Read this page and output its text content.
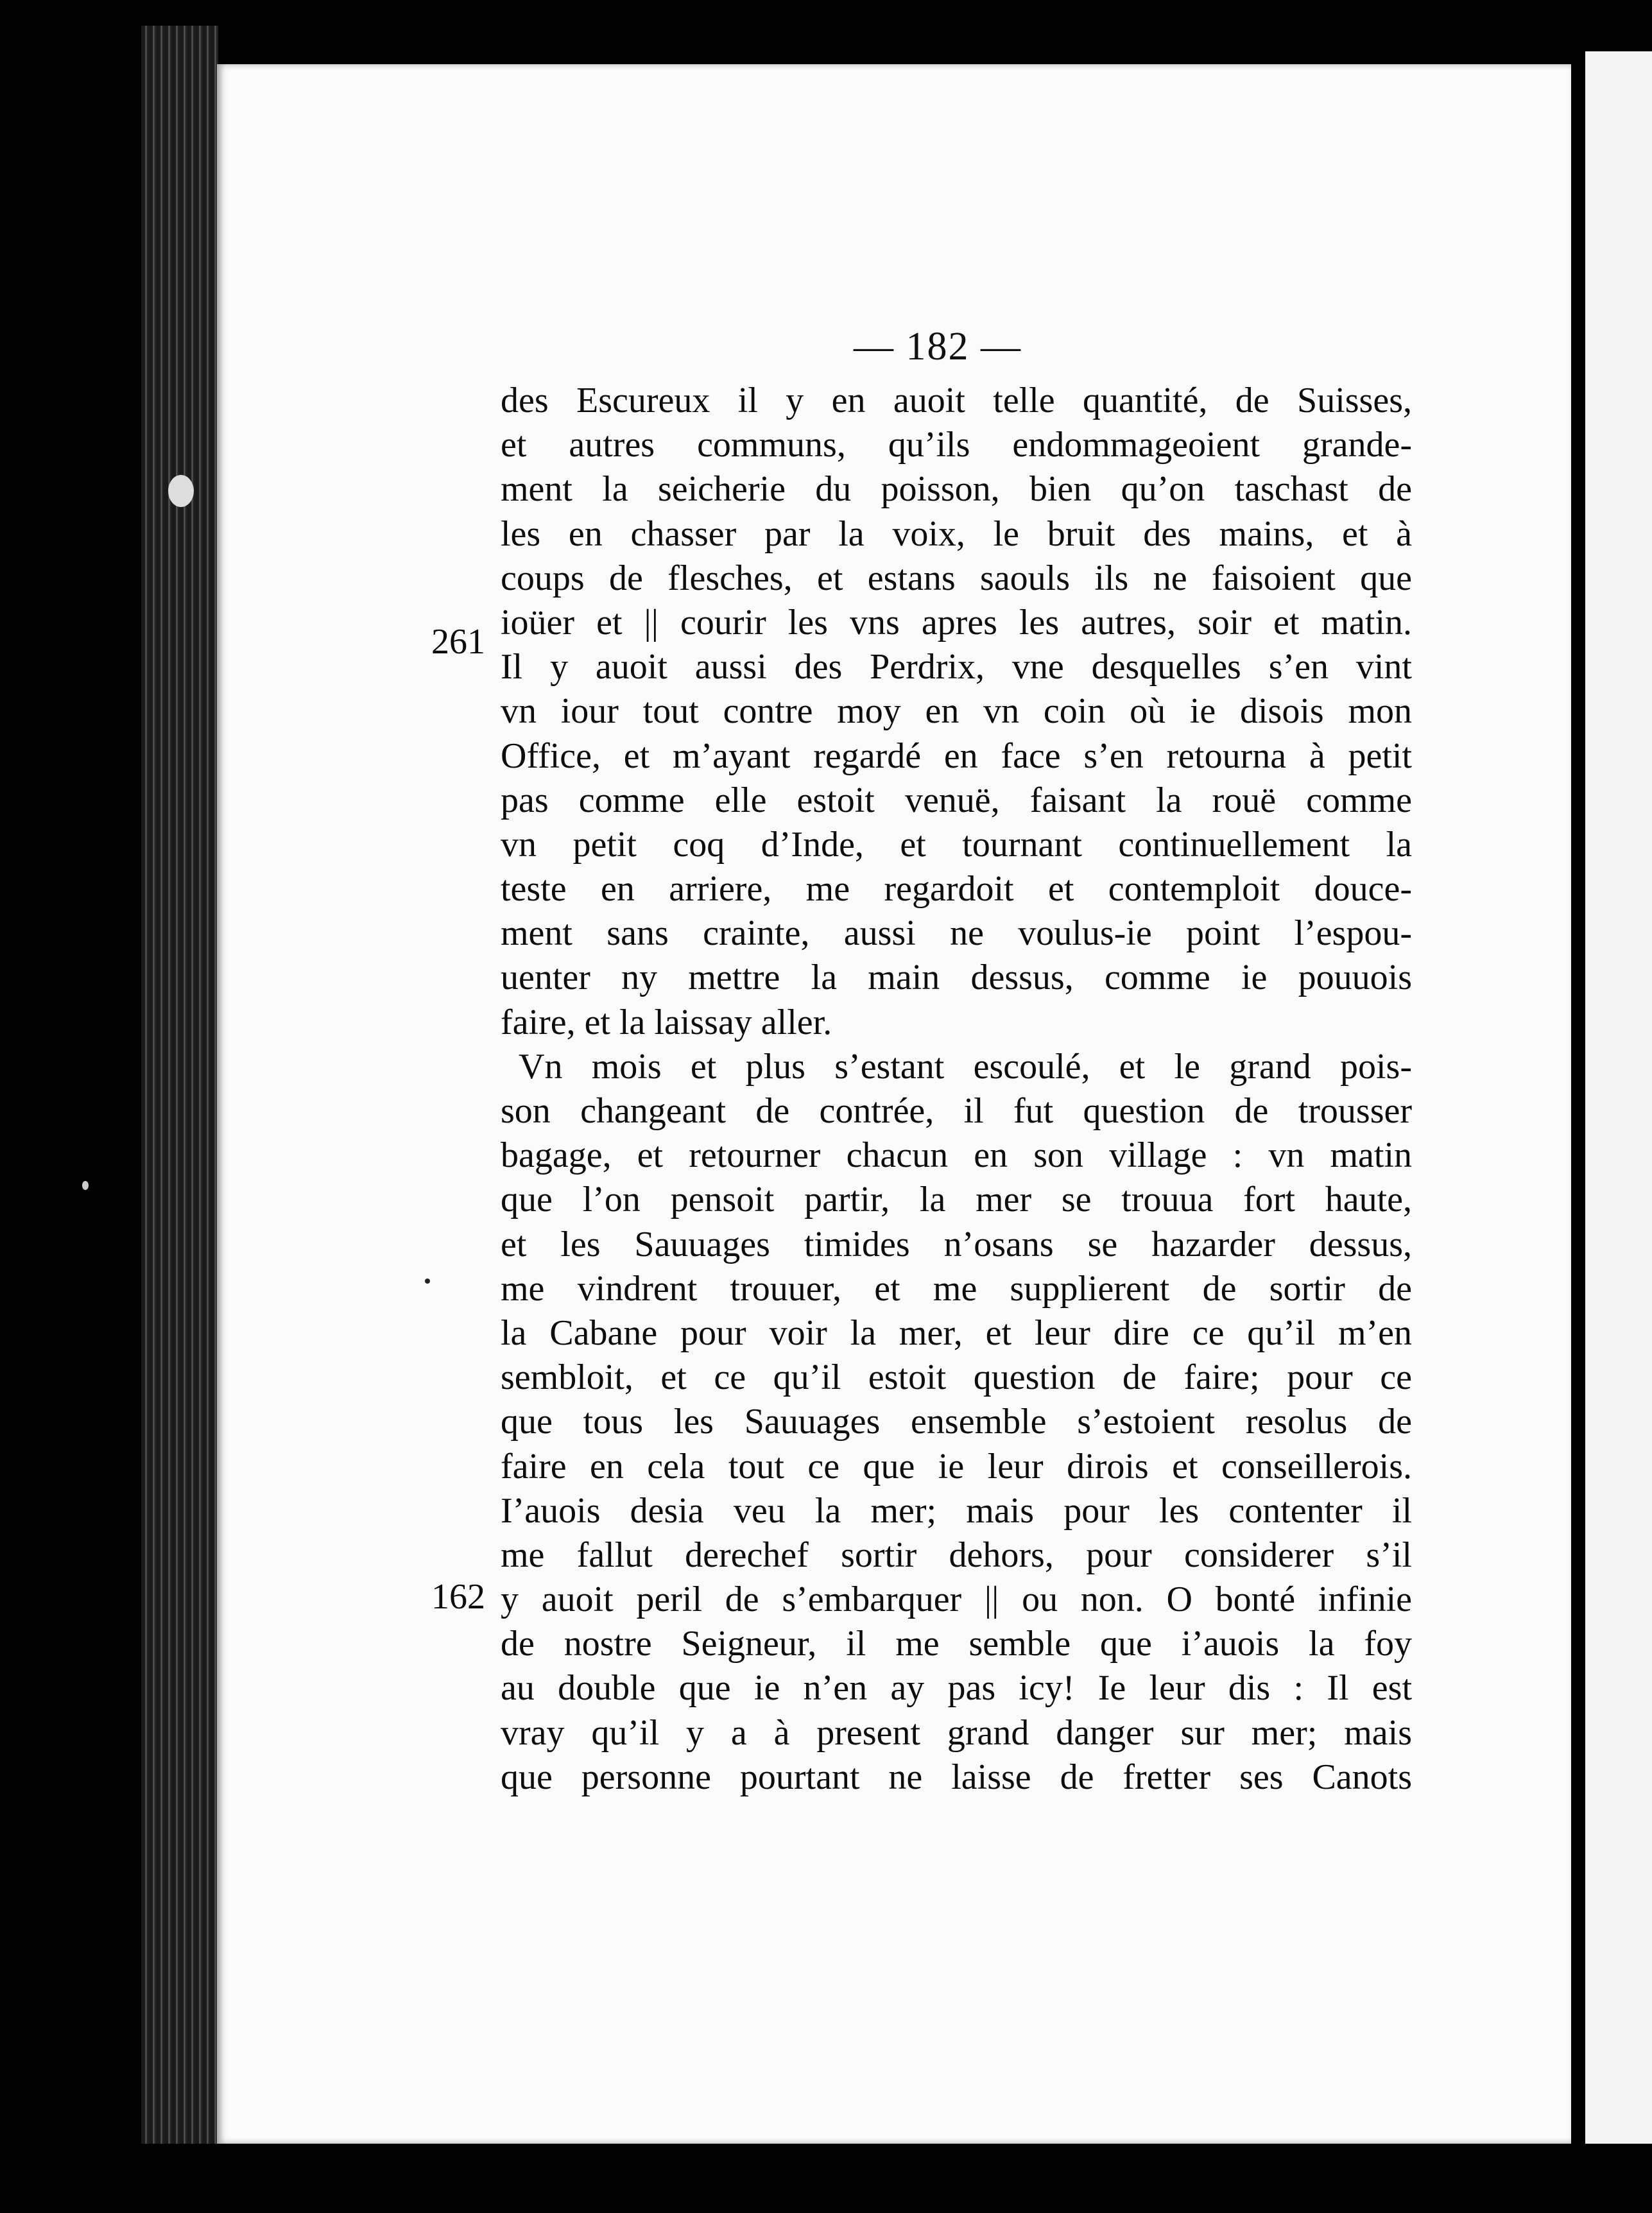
— 182 —
261
162
des Escureux il y en auoit telle quantité, de Suisses,
et autres communs, qu’ils endommageoient grande-
ment la seicherie du poisson, bien qu’on taschast de
les en chasser par la voix, le bruit des mains, et à
coups de flesches, et estans saouls ils ne faisoient que
ioüer et || courir les vns apres les autres, soir et matin.
Il y auoit aussi des Perdrix, vne desquelles s’en vint
vn iour tout contre moy en vn coin où ie disois mon
Office, et m’ayant regardé en face s’en retourna à petit
pas comme elle estoit venuë, faisant la rouë comme
vn petit coq d’Inde, et tournant continuellement la
teste en arriere, me regardoit et contemploit douce-
ment sans crainte, aussi ne voulus-ie point l’espou-
uenter ny mettre la main dessus, comme ie pouuois
faire, et la laissay aller.
Vn mois et plus s’estant escoulé, et le grand pois-
son changeant de contrée, il fut question de trousser
bagage, et retourner chacun en son village : vn matin
que l’on pensoit partir, la mer se trouua fort haute,
et les Sauuages timides n’osans se hazarder dessus,
me vindrent trouuer, et me supplierent de sortir de
la Cabane pour voir la mer, et leur dire ce qu’il m’en
sembloit, et ce qu’il estoit question de faire; pour ce
que tous les Sauuages ensemble s’estoient resolus de
faire en cela tout ce que ie leur dirois et conseillerois.
I’auois desia veu la mer; mais pour les contenter il
me fallut derechef sortir dehors, pour considerer s’il
y auoit peril de s’embarquer || ou non. O bonté infinie
de nostre Seigneur, il me semble que i’auois la foy
au double que ie n’en ay pas icy! Ie leur dis : Il est
vray qu’il y a à present grand danger sur mer; mais
que personne pourtant ne laisse de fretter ses Canots
